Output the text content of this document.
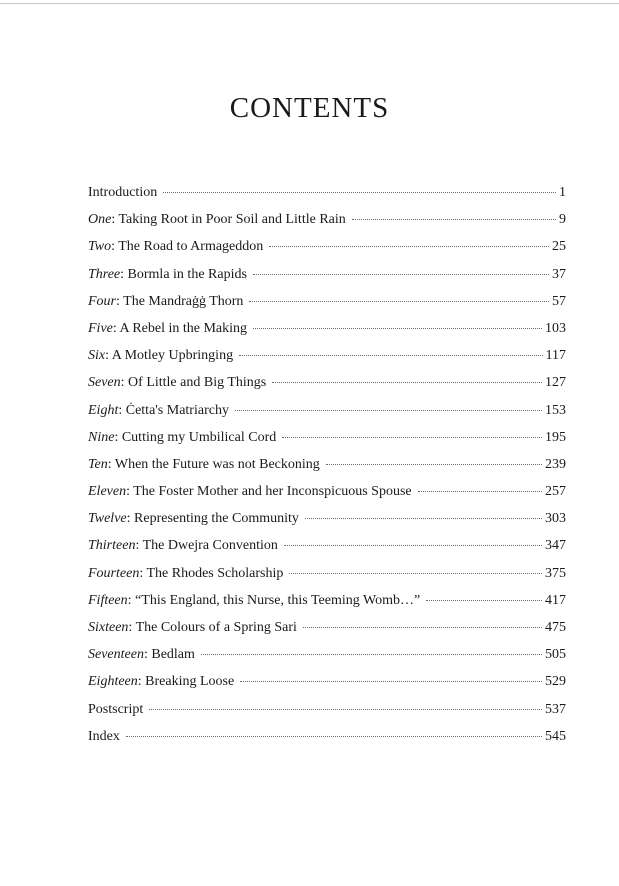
CONTENTS
Introduction	1
One: Taking Root in Poor Soil and Little Rain	9
Two: The Road to Armageddon	25
Three: Bormla in the Rapids	37
Four: The Mandraġġ Thorn	57
Five: A Rebel in the Making	103
Six: A Motley Upbringing	117
Seven: Of Little and Big Things	127
Eight: Ċetta's Matriarchy	153
Nine: Cutting my Umbilical Cord	195
Ten: When the Future was not Beckoning	239
Eleven: The Foster Mother and her Inconspicuous Spouse	257
Twelve: Representing the Community	303
Thirteen: The Dwejra Convention	347
Fourteen: The Rhodes Scholarship	375
Fifteen: “This England, this Nurse, this Teeming Womb…”	417
Sixteen: The Colours of a Spring Sari	475
Seventeen: Bedlam	505
Eighteen: Breaking Loose	529
Postscript	537
Index	545
